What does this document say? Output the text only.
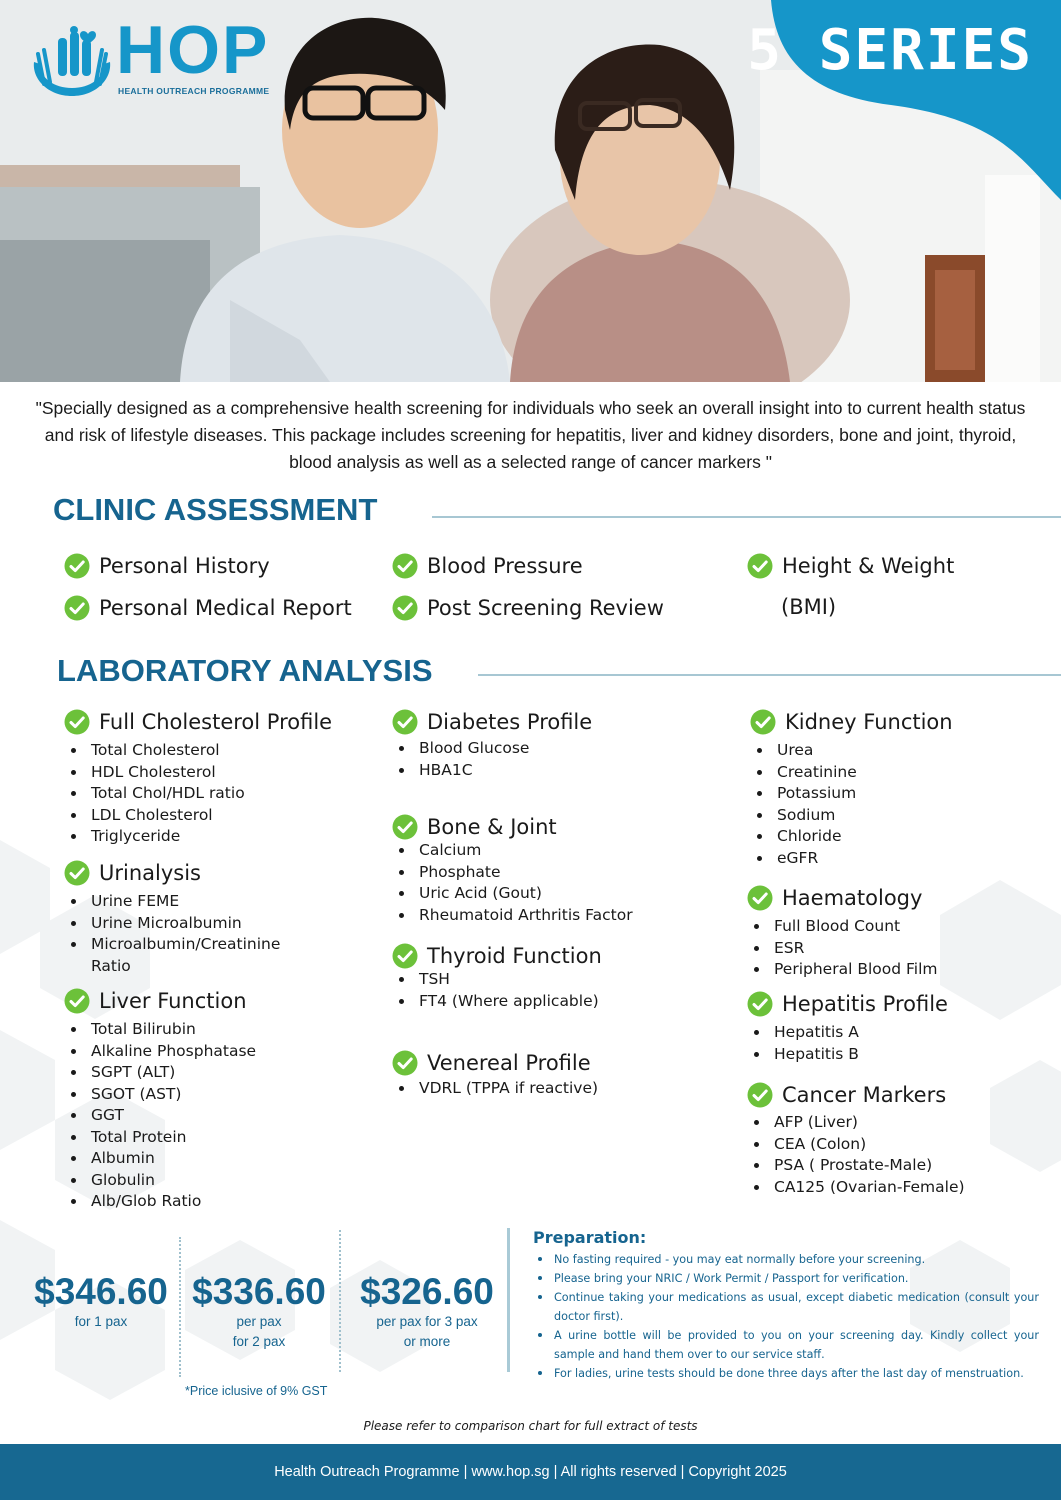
HOP
HEALTH OUTREACH PROGRAMME
5 SERIES

"Specially designed as a comprehensive health screening for individuals who seek an overall insight into to current health status and risk of lifestyle diseases. This package includes screening for hepatitis, liver and kidney disorders, bone and joint, thyroid, blood analysis as well as a selected range of cancer markers "

CLINIC ASSESSMENT
Personal History
Personal Medical Report
Blood Pressure
Post Screening Review
Height & Weight
(BMI)
LABORATORY ANALYSIS
Full Cholesterol Profile
Total Cholesterol
HDL Cholesterol
Total Chol/HDL ratio
LDL Cholesterol
Triglyceride
Urinalysis
Urine FEME
Urine Microalbumin
Microalbumin/Creatinine Ratio
Liver Function
Total Bilirubin
Alkaline Phosphatase
SGPT (ALT)
SGOT (AST)
GGT
Total Protein
Albumin
Globulin
Alb/Glob Ratio
Diabetes Profile
Blood Glucose
HBA1C
Bone & Joint
Calcium
Phosphate
Uric Acid (Gout)
Rheumatoid Arthritis Factor
Thyroid Function
TSH
FT4 (Where applicable)
Venereal Profile
VDRL (TPPA if reactive)
Kidney Function
Urea
Creatinine
Potassium
Sodium
Chloride
eGFR
Haematology
Full Blood Count
ESR
Peripheral Blood Film
Hepatitis Profile
Hepatitis A
Hepatitis B
Cancer Markers
AFP (Liver)
CEA (Colon)
PSA ( Prostate-Male)
CA125 (Ovarian-Female)
$346.60
for 1 pax
$336.60
per pax
for 2 pax
$326.60
per pax for 3 pax
or more
*Price iclusive of 9% GST
Preparation:
No fasting required - you may eat normally before your screening.
Please bring your NRIC / Work Permit / Passport for verification.
Continue taking your medications as usual, except diabetic medication (consult your doctor first).
A urine bottle will be provided to you on your screening day. Kindly collect your sample and hand them over to our service staff.
For ladies, urine tests should be done three days after the last day of menstruation.
Please refer to comparison chart for full extract of tests
Health Outreach Programme | www.hop.sg | All rights reserved | Copyright 2025
